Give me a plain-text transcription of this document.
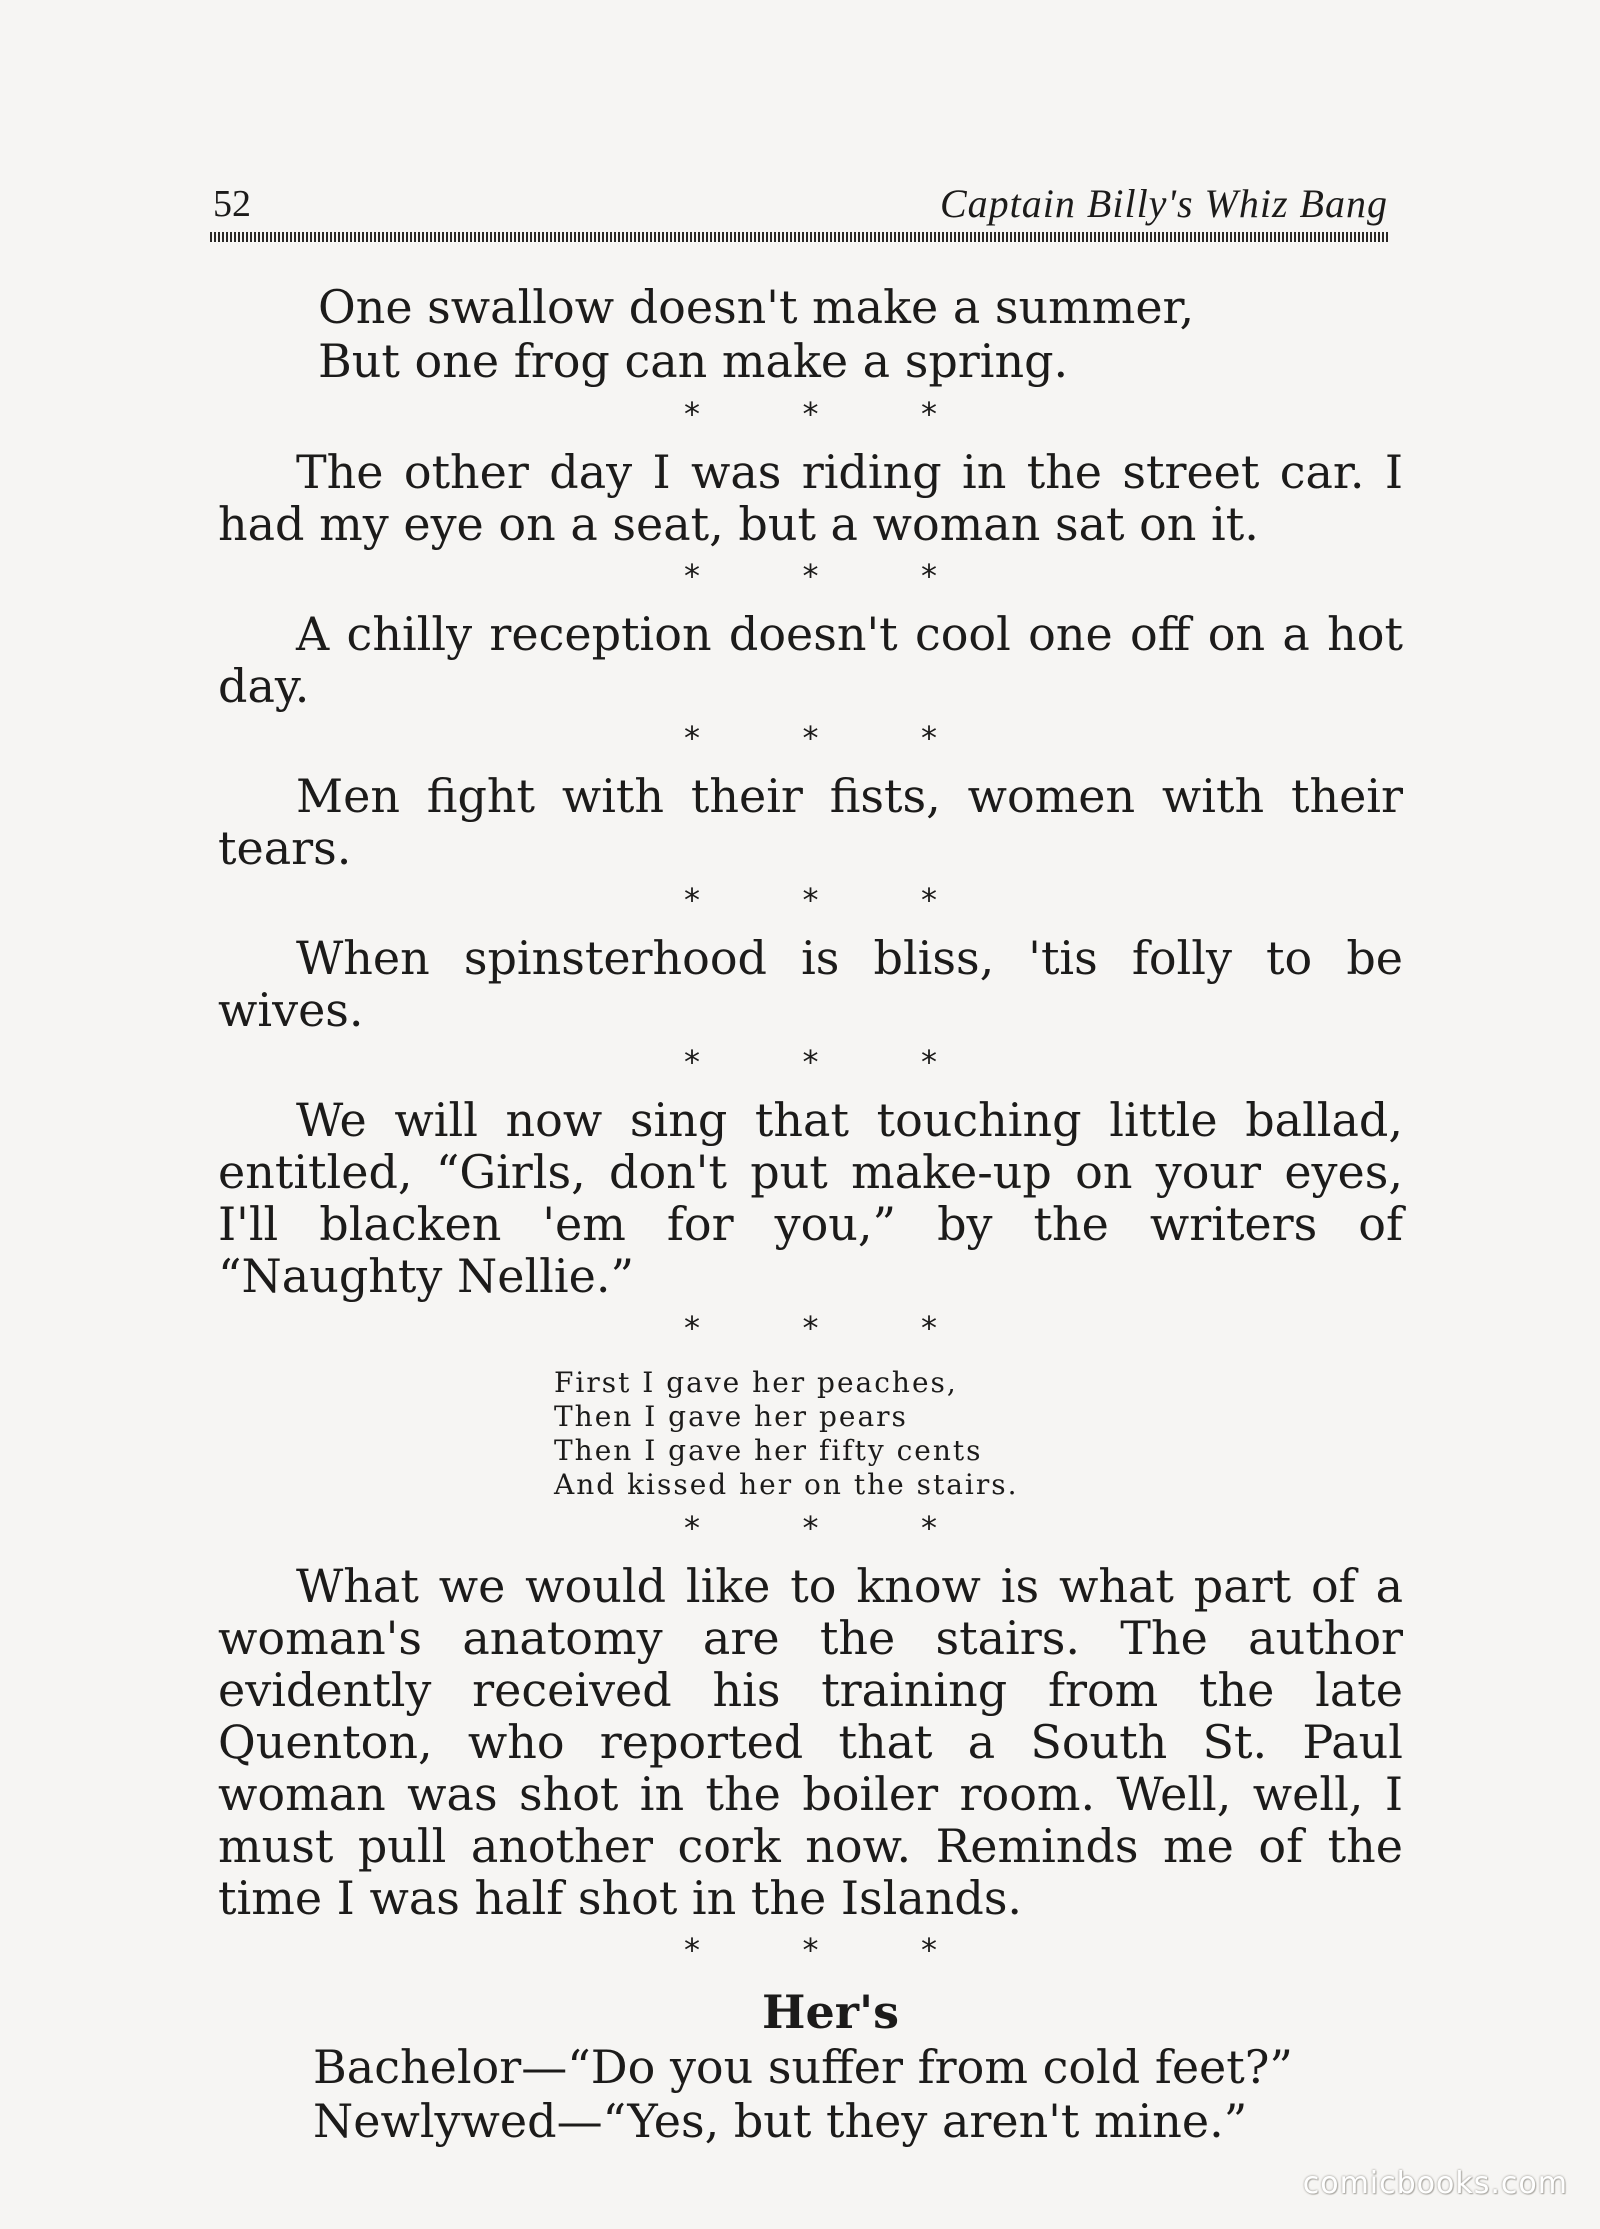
52	Captain Billy's Whiz Bang
One swallow doesn't make a summer,
But one frog can make a spring.
* * *

The other day I was riding in the street car. I had my eye on a seat, but a woman sat on it.

* * *

A chilly reception doesn't cool one off on a hot day.

* * *

Men fight with their fists, women with their tears.

* * *

When spinsterhood is bliss, 'tis folly to be wives.

* * *

We will now sing that touching little ballad, entitled, “Girls, don't put make-up on your eyes, I'll blacken 'em for you,” by the writers of “Naughty Nellie.”

* * *
First I gave her peaches,
Then I gave her pears
Then I gave her fifty cents
And kissed her on the stairs.
* * *

What we would like to know is what part of a woman's anatomy are the stairs. The author evidently received his training from the late Quenton, who reported that a South St. Paul woman was shot in the boiler room. Well, well, I must pull another cork now. Reminds me of the time I was half shot in the Islands.

* * *
Her's
Bachelor—“Do you suffer from cold feet?”
Newlywed—“Yes, but they aren't mine.”
comicbooks.com
